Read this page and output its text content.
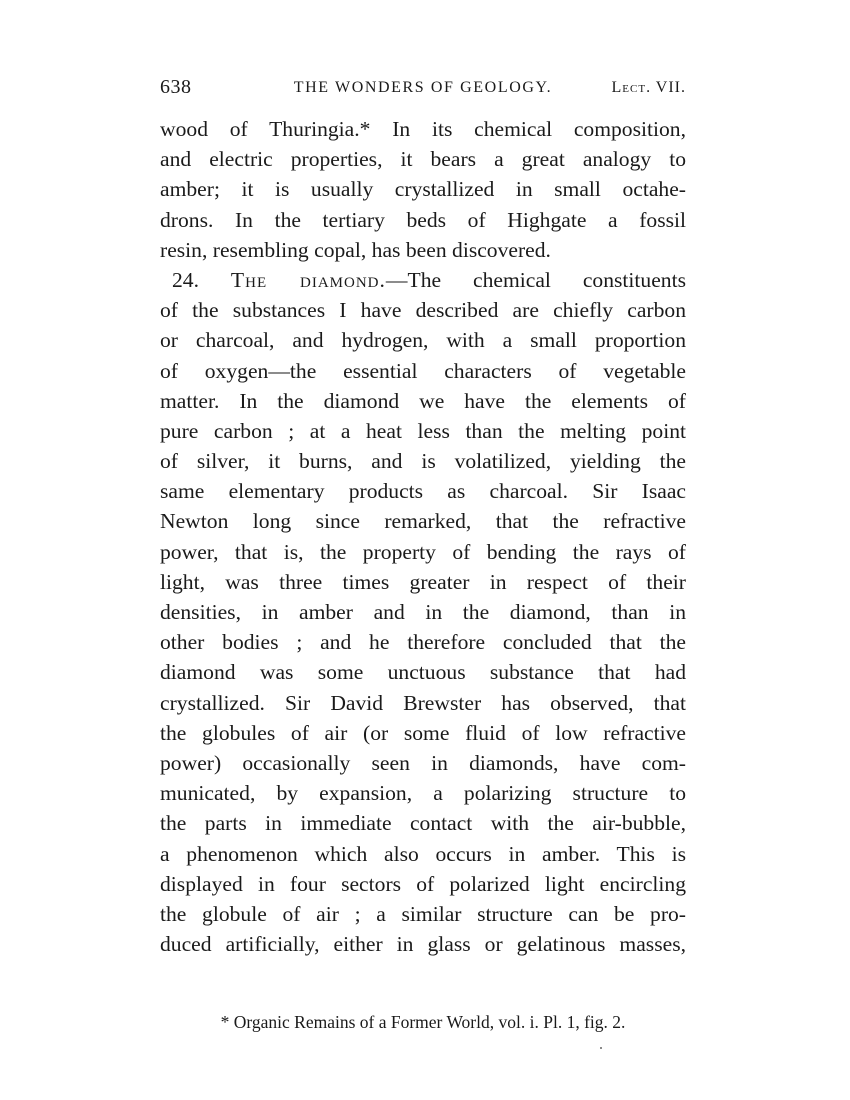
638	THE WONDERS OF GEOLOGY.	Lect. VII.
wood of Thuringia.* In its chemical composition,
and electric properties, it bears a great analogy to
amber; it is usually crystallized in small octahe-
drons. In the tertiary beds of Highgate a fossil
resin, resembling copal, has been discovered.
24. The diamond.—The chemical constituents
of the substances I have described are chiefly carbon
or charcoal, and hydrogen, with a small proportion
of oxygen—the essential characters of vegetable
matter. In the diamond we have the elements of
pure carbon ; at a heat less than the melting point
of silver, it burns, and is volatilized, yielding the
same elementary products as charcoal. Sir Isaac
Newton long since remarked, that the refractive
power, that is, the property of bending the rays of
light, was three times greater in respect of their
densities, in amber and in the diamond, than in
other bodies ; and he therefore concluded that the
diamond was some unctuous substance that had
crystallized. Sir David Brewster has observed, that
the globules of air (or some fluid of low refractive
power) occasionally seen in diamonds, have com-
municated, by expansion, a polarizing structure to
the parts in immediate contact with the air-bubble,
a phenomenon which also occurs in amber. This is
displayed in four sectors of polarized light encircling
the globule of air ; a similar structure can be pro-
duced artificially, either in glass or gelatinous masses,
* Organic Remains of a Former World, vol. i. Pl. 1, fig. 2.
